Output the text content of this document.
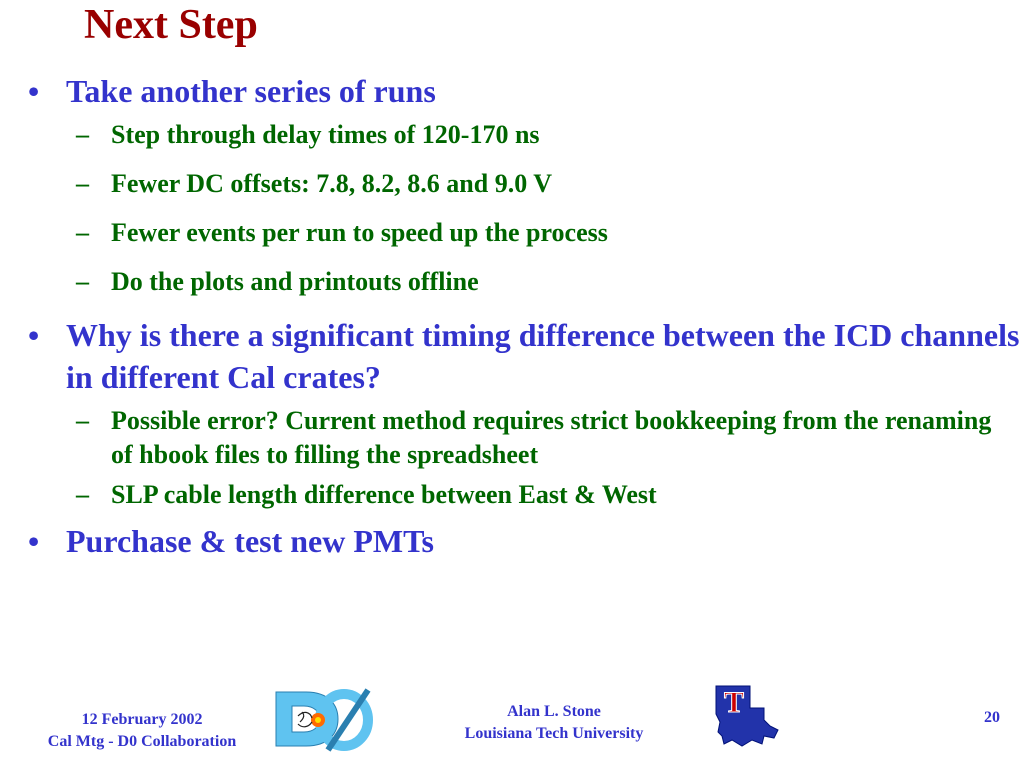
Next Step
• Take another series of runs
– Step through delay times of 120-170 ns
– Fewer DC offsets: 7.8, 8.2, 8.6 and 9.0 V
– Fewer events per run to speed up the process
– Do the plots and printouts offline
• Why is there a significant timing difference between the ICD channels in different Cal crates?
– Possible error? Current method requires strict bookkeeping from the renaming of hbook files to filling the spreadsheet
– SLP cable length difference between East & West
• Purchase & test new PMTs
12 February 2002
Cal Mtg - D0 Collaboration
Alan L. Stone
Louisiana Tech University
T	20
